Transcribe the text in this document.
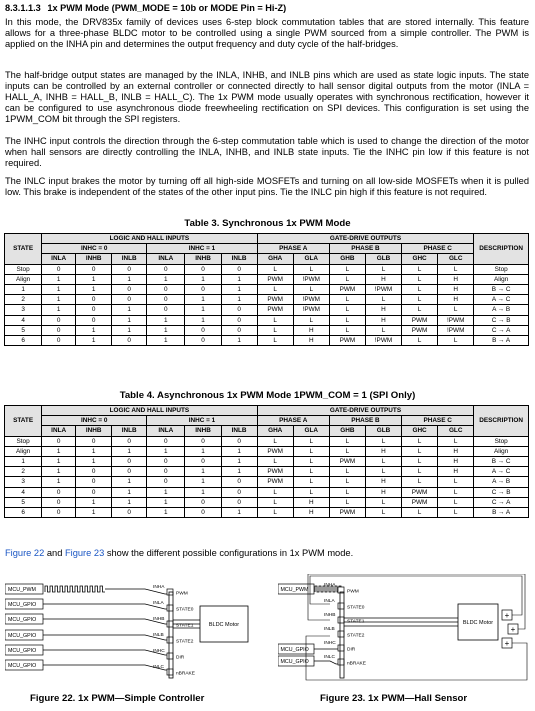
8.3.1.1.3 1x PWM Mode (PWM_MODE = 10b or MODE Pin = Hi-Z)

In this mode, the DRV835x family of devices uses 6-step block commutation tables that are stored internally. This feature allows for a three-phase BLDC motor to be controlled using a single PWM sourced from a simple controller. The PWM is applied on the INHA pin and determines the output frequency and duty cycle of the half-bridges.

The half-bridge output states are managed by the INLA, INHB, and INLB pins which are used as state logic inputs. The state inputs can be controlled by an external controller or connected directly to hall sensor digital outputs from the motor (INLA = HALL_A, INHB = HALL_B, INLB = HALL_C). The 1x PWM mode usually operates with synchronous rectification, however it can be configured to use asynchronous diode freewheeling rectification on SPI devices. This configuration is set using the 1PWM_COM bit through the SPI registers.

The INHC input controls the direction through the 6-step commutation table which is used to change the direction of the motor when hall sensors are directly controlling the INLA, INHB, and INLB state inputs. Tie the INHC pin low if this feature is not required.

The INLC input brakes the motor by turning off all high-side MOSFETs and turning on all low-side MOSFETs when it is pulled low. This brake is independent of the states of the other input pins. Tie the INLC pin high if this feature is not required.

Table 3. Synchronous 1x PWM Mode
STATE	LOGIC AND HALL INPUTS						GATE-DRIVE OUTPUTS						DESCRIPTION
	INHC = 0			INHC = 1			PHASE A		PHASE B		PHASE C		
	INLA	INHB	INLB	INLA	INHB	INLB	GHA	GLA	GHB	GLB	GHC	GLC	
Stop	0	0	0	0	0	0	L	L	L	L	L	L	Stop
Align	1	1	1	1	1	1	PWM	!PWM	L	H	L	H	Align
1	1	1	0	0	0	1	L	L	PWM	!PWM	L	H	B → C
2	1	0	0	0	1	1	PWM	!PWM	L	L	L	H	A → C
3	1	0	1	0	1	0	PWM	!PWM	L	H	L	L	A → B
4	0	0	1	1	1	0	L	L	L	H	PWM	!PWM	C → B
5	0	1	1	1	0	0	L	H	L	L	PWM	!PWM	C → A
6	0	1	0	1	0	1	L	H	PWM	!PWM	L	L	B → A
Table 4. Asynchronous 1x PWM Mode 1PWM_COM = 1 (SPI Only)
STATE	LOGIC AND HALL INPUTS						GATE-DRIVE OUTPUTS						DESCRIPTION
	INHC = 0			INHC = 1			PHASE A		PHASE B		PHASE C		
	INLA	INHB	INLB	INLA	INHB	INLB	GHA	GLA	GHB	GLB	GHC	GLC	
Stop	0	0	0	0	0	0	L	L	L	L	L	L	Stop
Align	1	1	1	1	1	1	PWM	L	L	H	L	H	Align
1	1	1	0	0	0	1	L	L	PWM	L	L	H	B → C
2	1	0	0	0	1	1	PWM	L	L	L	L	H	A → C
3	1	0	1	0	1	0	PWM	L	L	H	L	L	A → B
4	0	0	1	1	1	0	L	L	L	H	PWM	L	C → B
5	0	1	1	1	0	0	L	H	L	L	PWM	L	C → A
6	0	1	0	1	0	1	L	H	PWM	L	L	L	B → A
Figure 22 and Figure 23 show the different possible configurations in 1x PWM mode.
MCU_PWM
MCU_GPIO
MCU_GPIO
MCU_GPIO
MCU_GPIO
MCU_GPIO
INHA
PWM
INLA
STATE0
INHB
STATE1
INLB
STATE2
INHC
DIR
INLC
nBRAKE
BLDC Motor
Figure 22. 1x PWM—Simple Controller
MCU_PWM
MCU_GPIO
MCU_GPIO
INHA
PWM
INLA
STATE0
INHB
STATE1
INLB
STATE2
INHC
DIR
INLC
nBRAKE
BLDC Motor
+
+
+
Figure 23. 1x PWM—Hall Sensor
